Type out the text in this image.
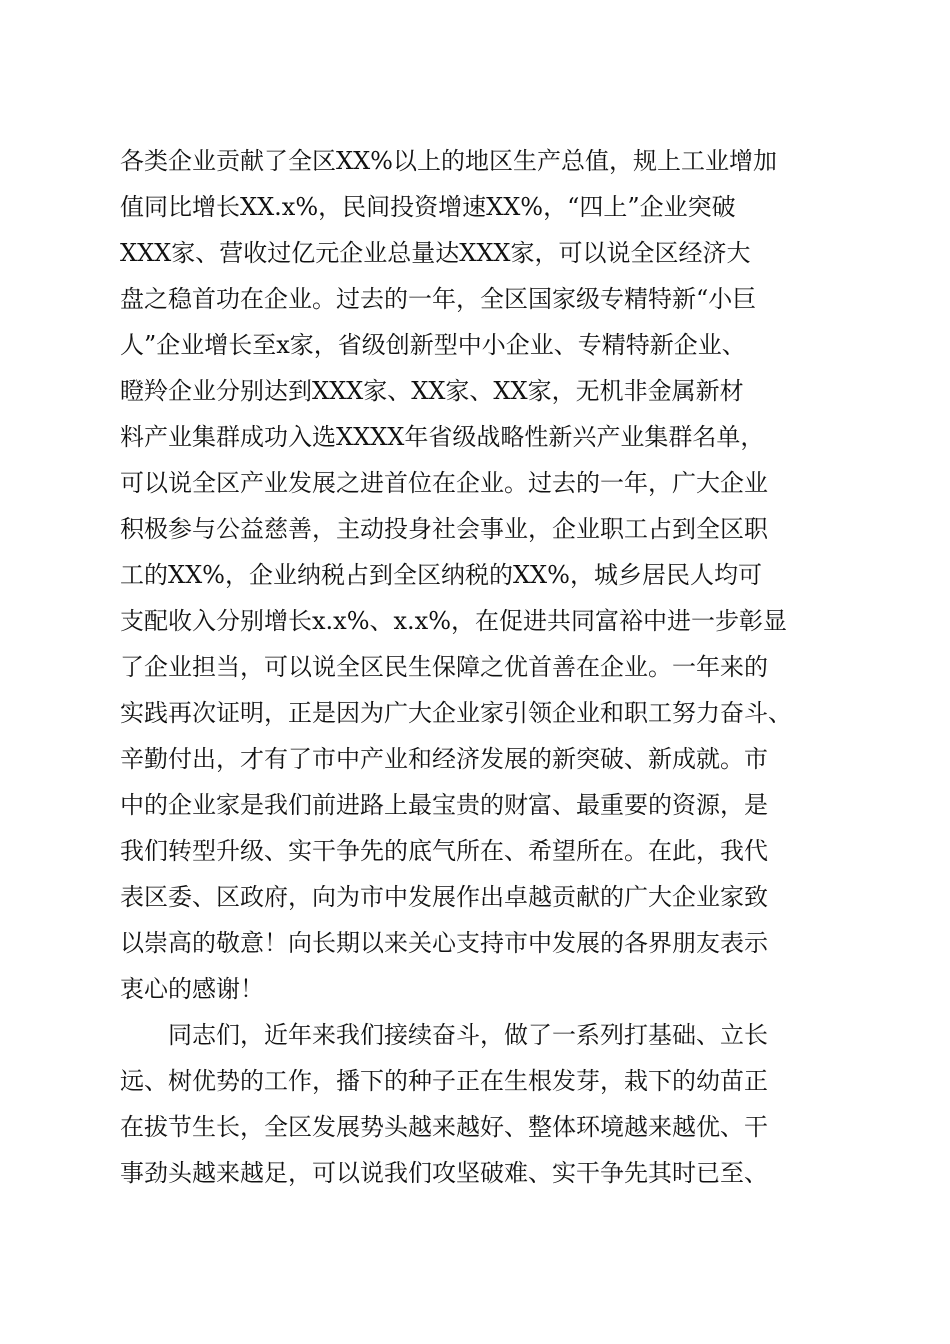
各类企业贡献了全区XX%以上的地区生产总值，规上工业增加
值同比增长XX.x%，民间投资增速XX%，“四上”企业突破
XXX家、营收过亿元企业总量达XXX家，可以说全区经济大
盘之稳首功在企业。过去的一年，全区国家级专精特新“小巨
人”企业增长至x家，省级创新型中小企业、专精特新企业、
瞪羚企业分别达到XXX家、XX家、XX家，无机非金属新材
料产业集群成功入选XXXX年省级战略性新兴产业集群名单，
可以说全区产业发展之进首位在企业。过去的一年，广大企业
积极参与公益慈善，主动投身社会事业，企业职工占到全区职
工的XX%，企业纳税占到全区纳税的XX%，城乡居民人均可
支配收入分别增长x.x%、x.x%，在促进共同富裕中进一步彰显
了企业担当，可以说全区民生保障之优首善在企业。一年来的
实践再次证明，正是因为广大企业家引领企业和职工努力奋斗、
辛勤付出，才有了市中产业和经济发展的新突破、新成就。市
中的企业家是我们前进路上最宝贵的财富、最重要的资源，是
我们转型升级、实干争先的底气所在、希望所在。在此，我代
表区委、区政府，向为市中发展作出卓越贡献的广大企业家致
以崇高的敬意！向长期以来关心支持市中发展的各界朋友表示
衷心的感谢！
同志们，近年来我们接续奋斗，做了一系列打基础、立长
远、树优势的工作，播下的种子正在生根发芽，栽下的幼苗正
在拔节生长，全区发展势头越来越好、整体环境越来越优、干
事劲头越来越足，可以说我们攻坚破难、实干争先其时已至、
